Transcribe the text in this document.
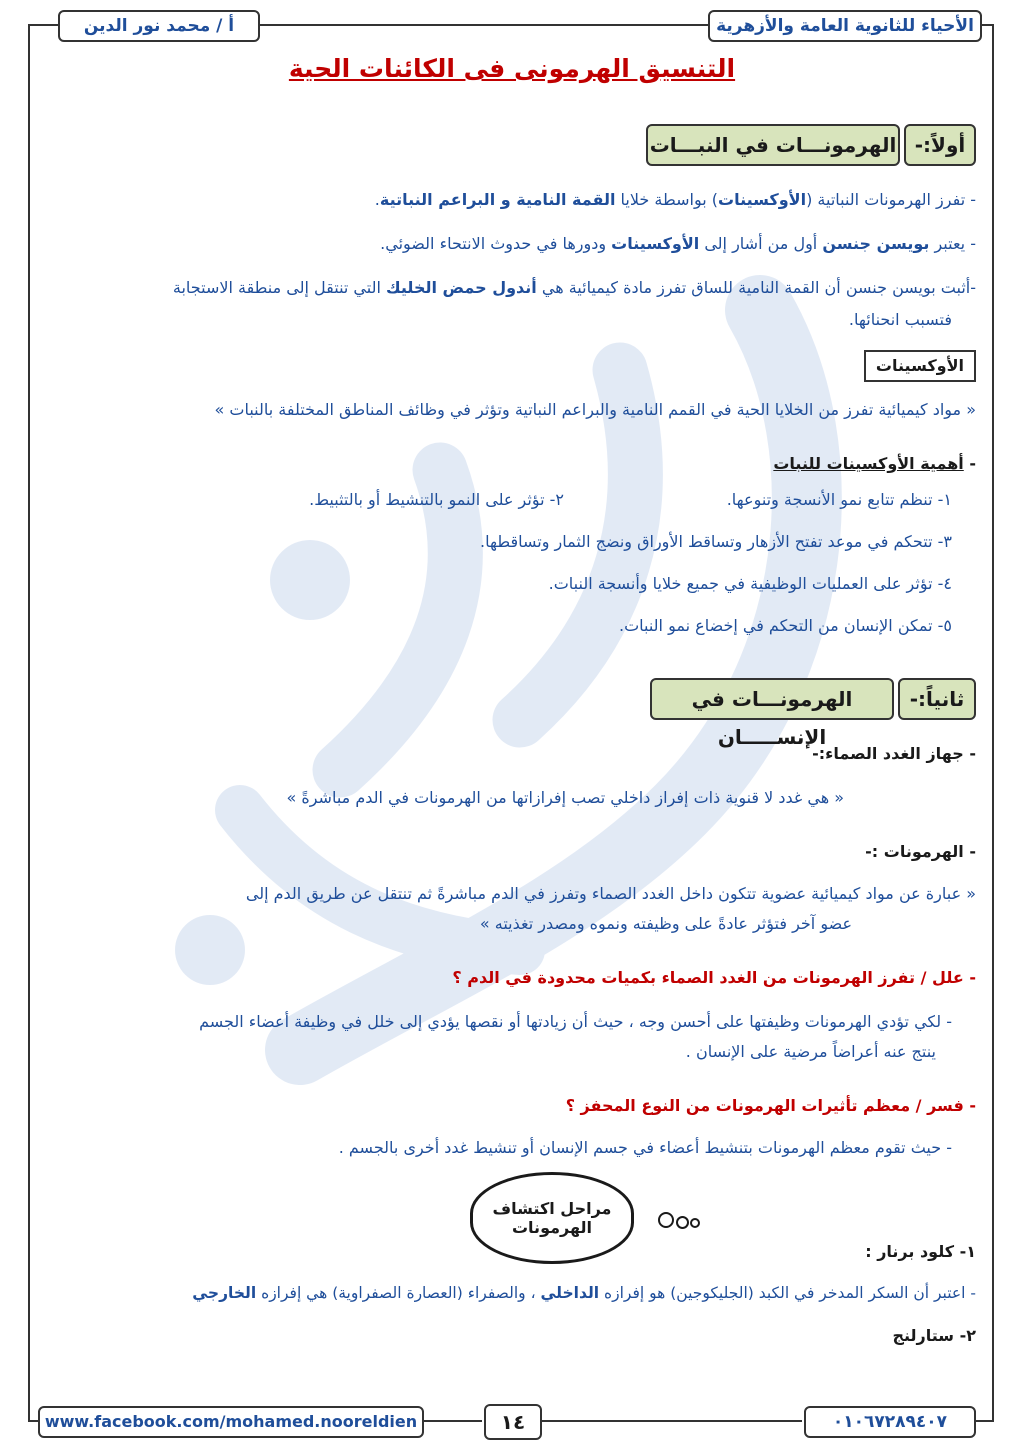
أ / محمد نور الدين	الأحياء للثانوية العامة والأزهرية
التنسيق الهرمونى فى الكائنات الحية
أولاً:-
الهرمونـــات في النبـــات
- تفرز الهرمونات النباتية (الأوكسينات) بواسطة خلايا القمة النامية و البراعم النباتية.
- يعتبر بويسن جنسن أول من أشار إلى الأوكسينات ودورها في حدوث الانتحاء الضوئي.
-أثبت بويسن جنسن أن القمة النامية للساق تفرز مادة كيميائية هي أندول حمض الخليك التي تنتقل إلى منطقة الاستجابة
فتسبب انحنائها.
الأوكسينات
« مواد كيميائية تفرز من الخلايا الحية في القمم النامية والبراعم النباتية وتؤثر في وظائف المناطق المختلفة بالنبات »
- أهمية الأوكسينات للنبات
١- تنظم تتابع نمو الأنسجة وتنوعها.
٢- تؤثر على النمو بالتنشيط أو بالتثبيط.
٣- تتحكم في موعد تفتح الأزهار وتساقط الأوراق ونضج الثمار وتساقطها.
٤- تؤثر على العمليات الوظيفية في جميع خلايا وأنسجة النبات.
٥- تمكن الإنسان من التحكم في إخضاع نمو النبات.
ثانياً:-
الهرمونـــات في الإنســـــان
- جهاز الغدد الصماء:-
« هي غدد لا قنوية ذات إفراز داخلي تصب إفرازاتها من الهرمونات في الدم مباشرةً »
- الهرمونات :-
« عبارة عن مواد كيميائية عضوية تتكون داخل الغدد الصماء وتفرز في الدم مباشرةً ثم تنتقل عن طريق الدم إلى
عضو آخر فتؤثر عادةً على وظيفته ونموه ومصدر تغذيته »
- علل / تفرز الهرمونات من الغدد الصماء بكميات محدودة في الدم ؟
- لكي تؤدي الهرمونات وظيفتها على أحسن وجه ، حيث أن زيادتها أو نقصها يؤدي إلى خلل في وظيفة أعضاء الجسم
ينتج عنه أعراضاً مرضية على الإنسان .
- فسر / معظم تأثيرات الهرمونات من النوع المحفز ؟
- حيث تقوم معظم الهرمونات بتنشيط أعضاء في جسم الإنسان أو تنشيط غدد أخرى بالجسم .
مراحل اكتشاف
الهرمونات
١- كلود برنار :
- اعتبر أن السكر المدخر في الكبد (الجليكوجين) هو إفرازه الداخلي ، والصفراء (العصارة الصفراوية) هي إفرازه الخارجي
٢- ستارلنج
www.facebook.com/mohamed.nooreldien	١٤	٠١٠٦٧٢٨٩٤٠٧
